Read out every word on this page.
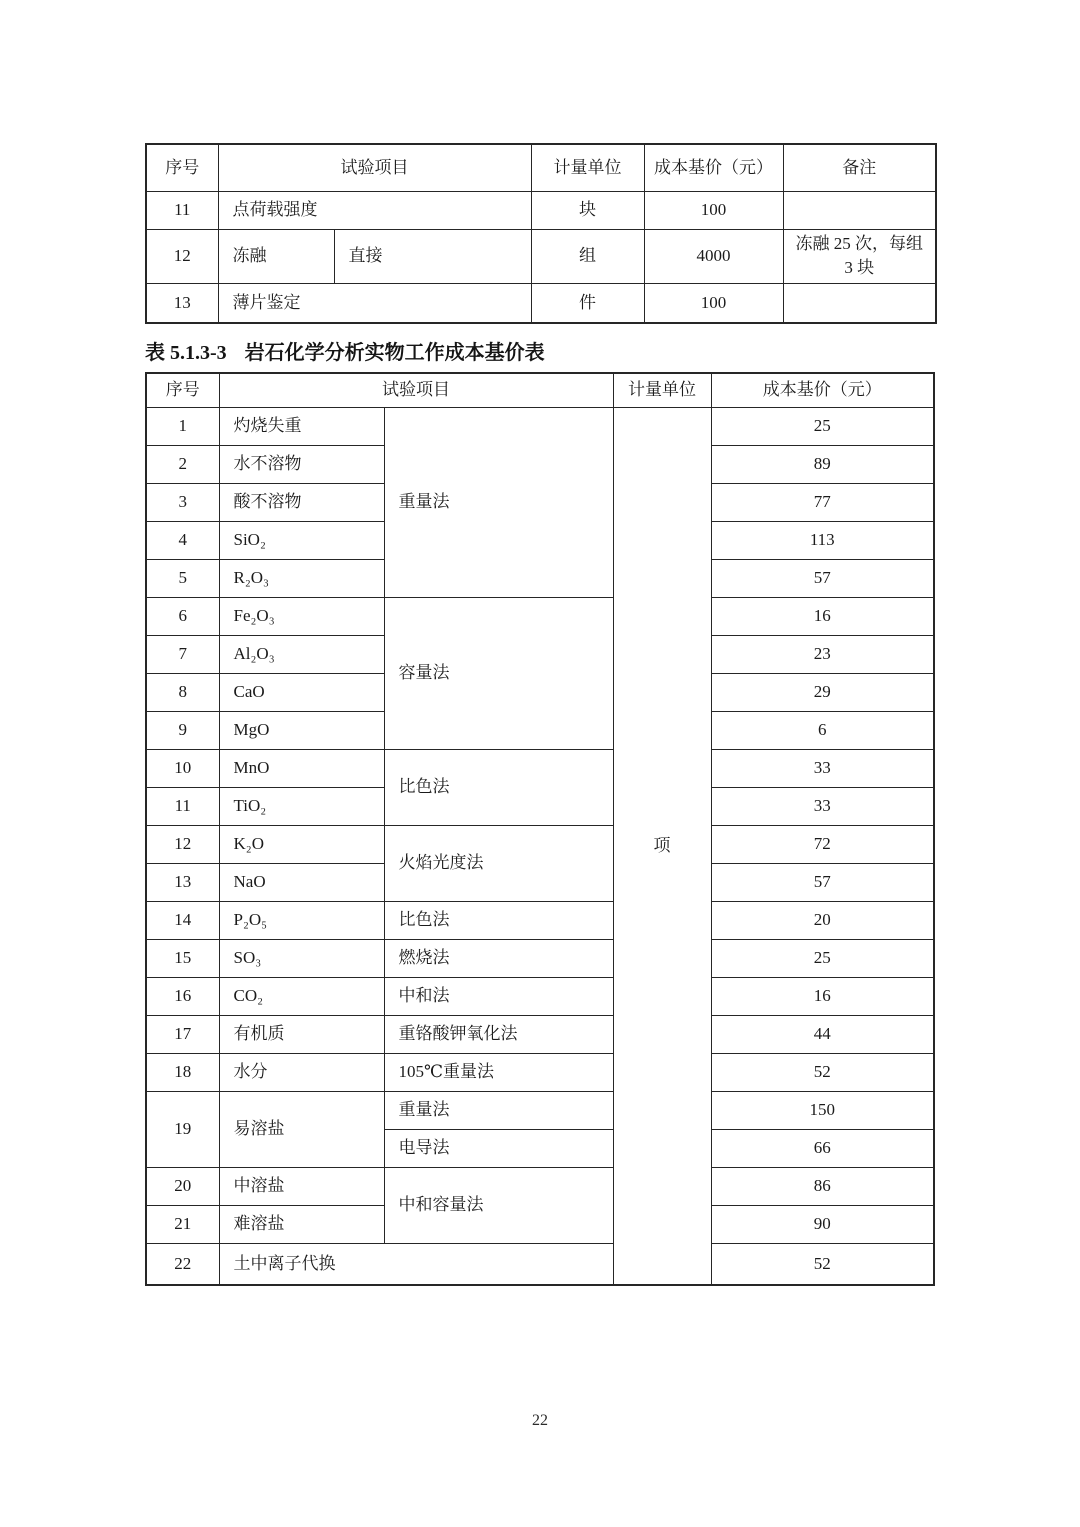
序号	试验项目		计量单位	成本基价（元）	备注
11	点荷载强度		块	100	
12	冻融	直接	组	4000	冻融 25 次，每组 3 块
13	薄片鉴定		件	100	
表 5.1.3-3 岩石化学分析实物工作成本基价表
序号	试验项目		计量单位	成本基价（元）
1	灼烧失重	重量法	项	25
2	水不溶物			89
3	酸不溶物			77
4	SiO₂			113
5	R₂O₃			57
6	Fe₂O₃	容量法		16
7	Al₂O₃			23
8	CaO			29
9	MgO			6
10	MnO	比色法		33
11	TiO₂			33
12	K₂O	火焰光度法		72
13	NaO			57
14	P₂O₅	比色法		20
15	SO₃	燃烧法		25
16	CO₂	中和法		16
17	有机质	重铬酸钾氧化法		44
18	水分	105℃重量法		52
19	易溶盐	重量法		150
		电导法		66
20	中溶盐	中和容量法		86
21	难溶盐			90
22	土中离子代换			52
22
